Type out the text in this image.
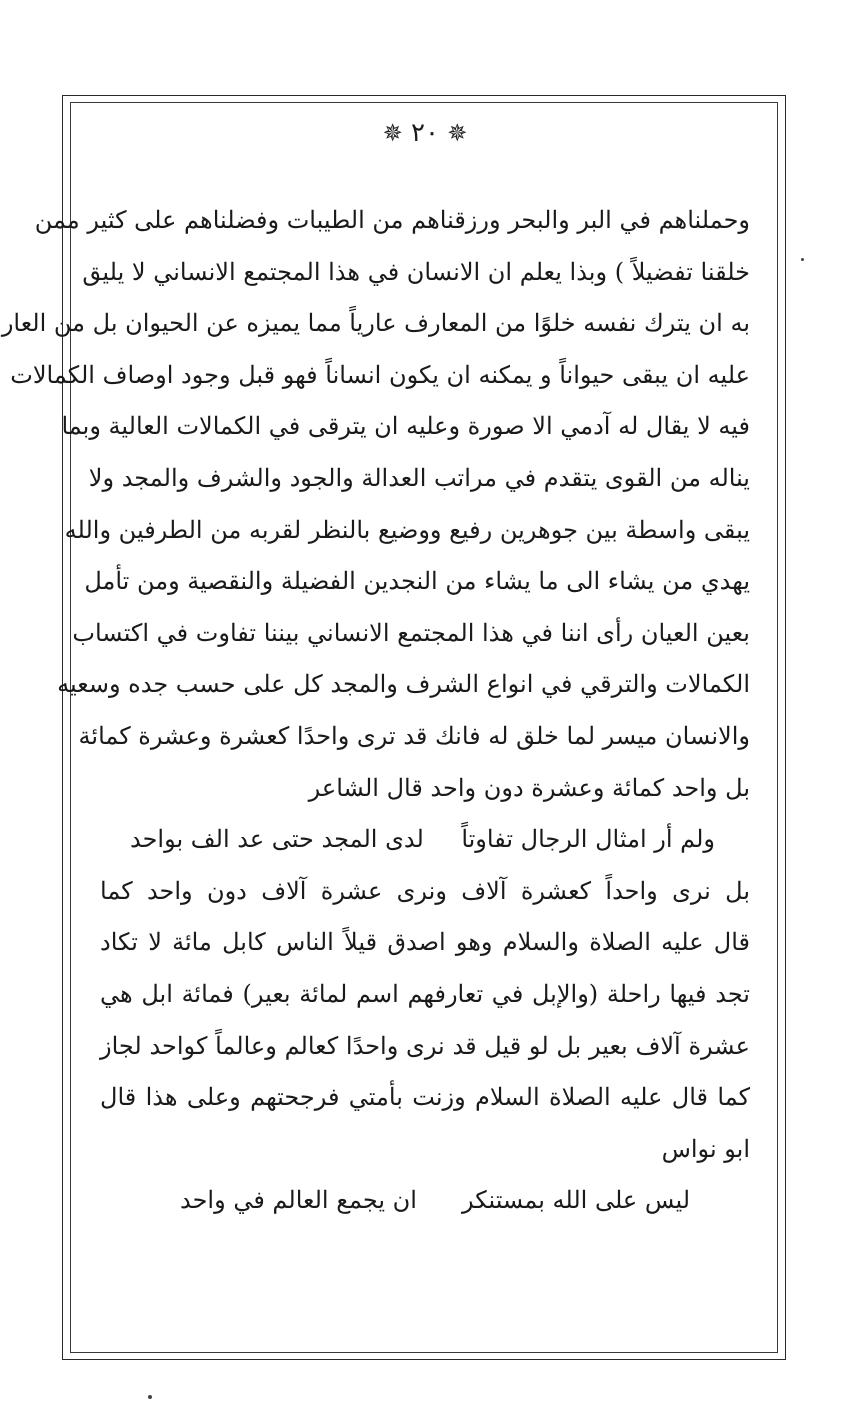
✵ ٢٠ ✵
وحملناهم في البر والبحر ورزقناهم من الطيبات وفضلناهم على كثير ممن
خلقنا تفضيلاً ) وبذا يعلم ان الانسان في هذا المجتمع الانساني لا يليق
به ان يترك نفسه خلوًا من المعارف عارياً مما يميزه عن الحيوان بل من العار
عليه ان يبقى حيواناً و يمكنه ان يكون انساناً فهو قبل وجود اوصاف الكمالات
فيه لا يقال له آدمي الا صورة وعليه ان يترقى في الكمالات العالية وبما
يناله من القوى يتقدم في مراتب العدالة والجود والشرف والمجد ولا
يبقى واسطة بين جوهرين رفيع ووضيع بالنظر لقربه من الطرفين والله
يهدي من يشاء الى ما يشاء من النجدين الفضيلة والنقصية ومن تأمل
بعين العيان رأى اننا في هذا المجتمع الانساني بيننا تفاوت في اكتساب
الكمالات والترقي في انواع الشرف والمجد كل على حسب جده وسعيه
والانسان ميسر لما خلق له فانك قد ترى واحدًا كعشرة وعشرة كمائة
بل واحد كمائة وعشرة دون واحد قال الشاعر
ولم أر امثال الرجال تفاوتاً
لدى المجد حتى عد الف بواحد
بل نرى واحداً كعشرة آلاف ونرى عشرة آلاف دون واحد كما
قال عليه الصلاة والسلام وهو اصدق قيلاً الناس كابل مائة لا تكاد
تجد فيها راحلة (والإبل في تعارفهم اسم لمائة بعير) فمائة ابل هي
عشرة آلاف بعير بل لو قيل قد نرى واحدًا كعالم وعالماً كواحد لجاز
كما قال عليه الصلاة السلام وزنت بأمتي فرجحتهم وعلى هذا قال
ابو نواس
ليس على الله بمستنكر
ان يجمع العالم في واحد
